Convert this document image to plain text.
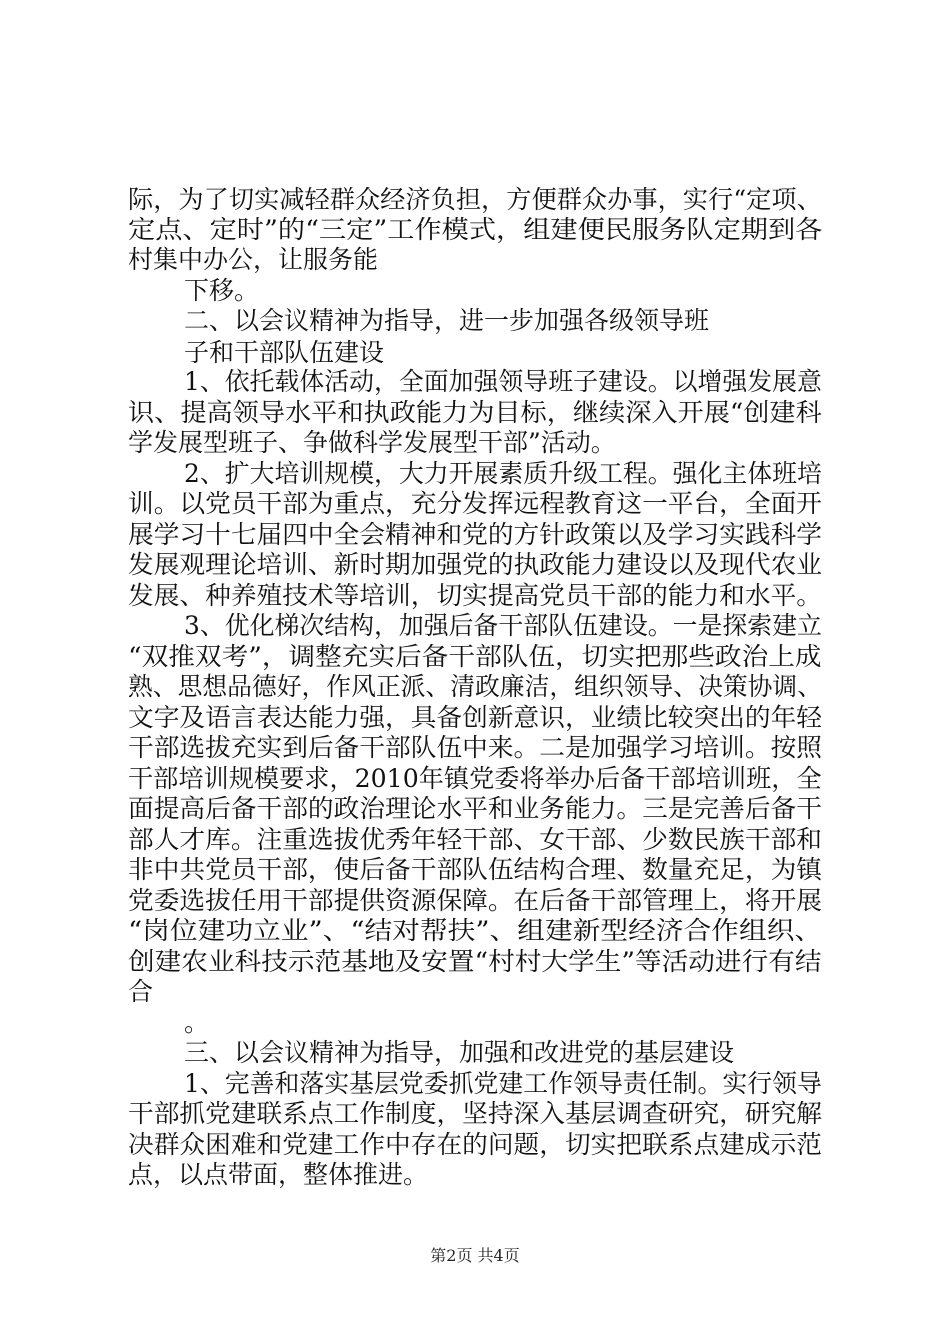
际，为了切实减轻群众经济负担，方便群众办事，实行“定项、
定点、定时”的“三定”工作模式，组建便民服务队定期到各
村集中办公，让服务能
下移。
二、以会议精神为指导，进一步加强各级领导班
子和干部队伍建设
1、依托载体活动，全面加强领导班子建设。以增强发展意
识、提高领导水平和执政能力为目标，继续深入开展“创建科
学发展型班子、争做科学发展型干部”活动。
2、扩大培训规模，大力开展素质升级工程。强化主体班培
训。以党员干部为重点，充分发挥远程教育这一平台，全面开
展学习十七届四中全会精神和党的方针政策以及学习实践科学
发展观理论培训、新时期加强党的执政能力建设以及现代农业
发展、种养殖技术等培训，切实提高党员干部的能力和水平。
3、优化梯次结构，加强后备干部队伍建设。一是探索建立
“双推双考”，调整充实后备干部队伍，切实把那些政治上成
熟、思想品德好，作风正派、清政廉洁，组织领导、决策协调、
文字及语言表达能力强，具备创新意识，业绩比较突出的年轻
干部选拔充实到后备干部队伍中来。二是加强学习培训。按照
干部培训规模要求，2010年镇党委将举办后备干部培训班，全
面提高后备干部的政治理论水平和业务能力。三是完善后备干
部人才库。注重选拔优秀年轻干部、女干部、少数民族干部和
非中共党员干部，使后备干部队伍结构合理、数量充足，为镇
党委选拔任用干部提供资源保障。在后备干部管理上，将开展
“岗位建功立业”、“结对帮扶”、组建新型经济合作组织、
创建农业科技示范基地及安置“村村大学生”等活动进行有结
合
。
三、以会议精神为指导，加强和改进党的基层建设
1、完善和落实基层党委抓党建工作领导责任制。实行领导
干部抓党建联系点工作制度，坚持深入基层调查研究，研究解
决群众困难和党建工作中存在的问题，切实把联系点建成示范
点，以点带面，整体推进。
第2页 共4页
